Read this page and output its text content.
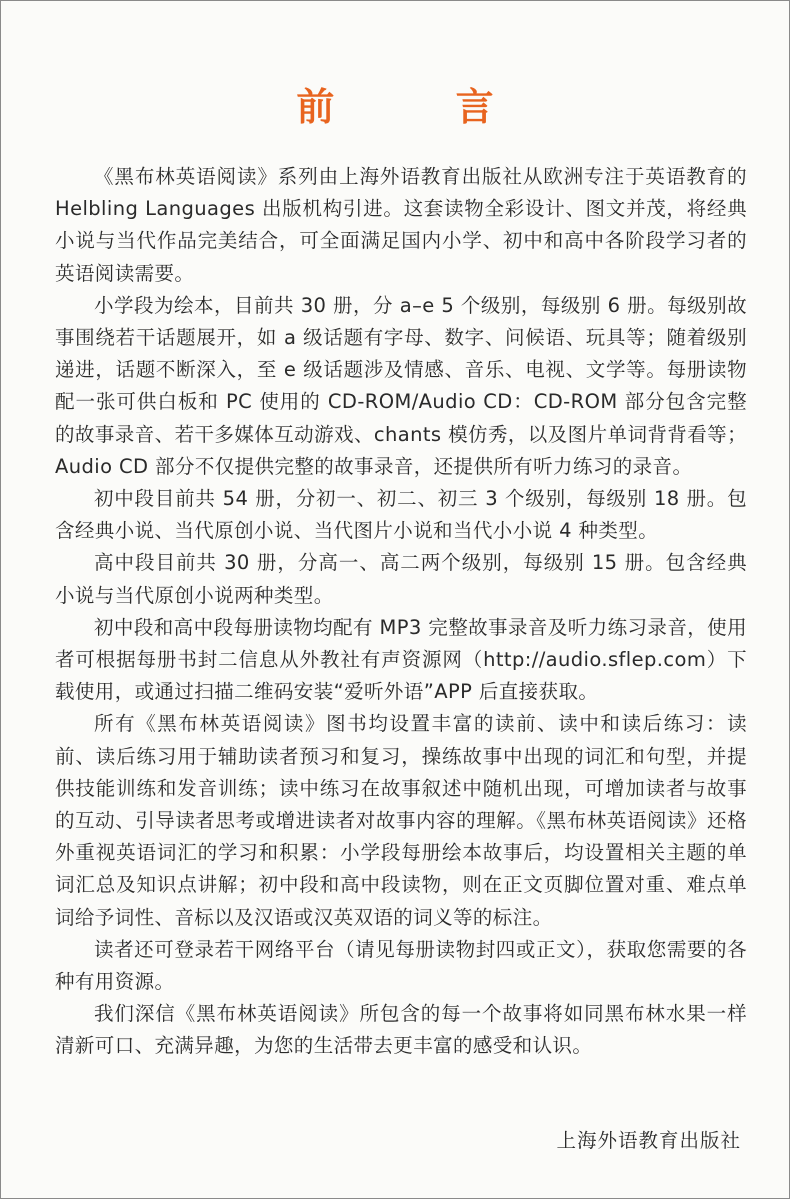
前 言

《黑布林英语阅读》系列由上海外语教育出版社从欧洲专注于英语教育的 Helbling Languages 出版机构引进。这套读物全彩设计、图文并茂，将经典小说与当代作品完美结合，可全面满足国内小学、初中和高中各阶段学习者的英语阅读需要。

小学段为绘本，目前共 30 册，分 a–e 5 个级别，每级别 6 册。每级别故事围绕若干话题展开，如 a 级话题有字母、数字、问候语、玩具等；随着级别递进，话题不断深入，至 e 级话题涉及情感、音乐、电视、文学等。每册读物配一张可供白板和 PC 使用的 CD-ROM/Audio CD：CD-ROM 部分包含完整的故事录音、若干多媒体互动游戏、chants 模仿秀，以及图片单词背背看等；Audio CD 部分不仅提供完整的故事录音，还提供所有听力练习的录音。

初中段目前共 54 册，分初一、初二、初三 3 个级别，每级别 18 册。包含经典小说、当代原创小说、当代图片小说和当代小小说 4 种类型。

高中段目前共 30 册，分高一、高二两个级别，每级别 15 册。包含经典小说与当代原创小说两种类型。

初中段和高中段每册读物均配有 MP3 完整故事录音及听力练习录音，使用者可根据每册书封二信息从外教社有声资源网（http://audio.sflep.com）下载使用，或通过扫描二维码安装“爱听外语”APP 后直接获取。

所有《黑布林英语阅读》图书均设置丰富的读前、读中和读后练习：读前、读后练习用于辅助读者预习和复习，操练故事中出现的词汇和句型，并提供技能训练和发音训练；读中练习在故事叙述中随机出现，可增加读者与故事的互动、引导读者思考或增进读者对故事内容的理解。《黑布林英语阅读》还格外重视英语词汇的学习和积累：小学段每册绘本故事后，均设置相关主题的单词汇总及知识点讲解；初中段和高中段读物，则在正文页脚位置对重、难点单词给予词性、音标以及汉语或汉英双语的词义等的标注。

读者还可登录若干网络平台（请见每册读物封四或正文），获取您需要的各种有用资源。

我们深信《黑布林英语阅读》所包含的每一个故事将如同黑布林水果一样清新可口、充满异趣，为您的生活带去更丰富的感受和认识。

上海外语教育出版社
